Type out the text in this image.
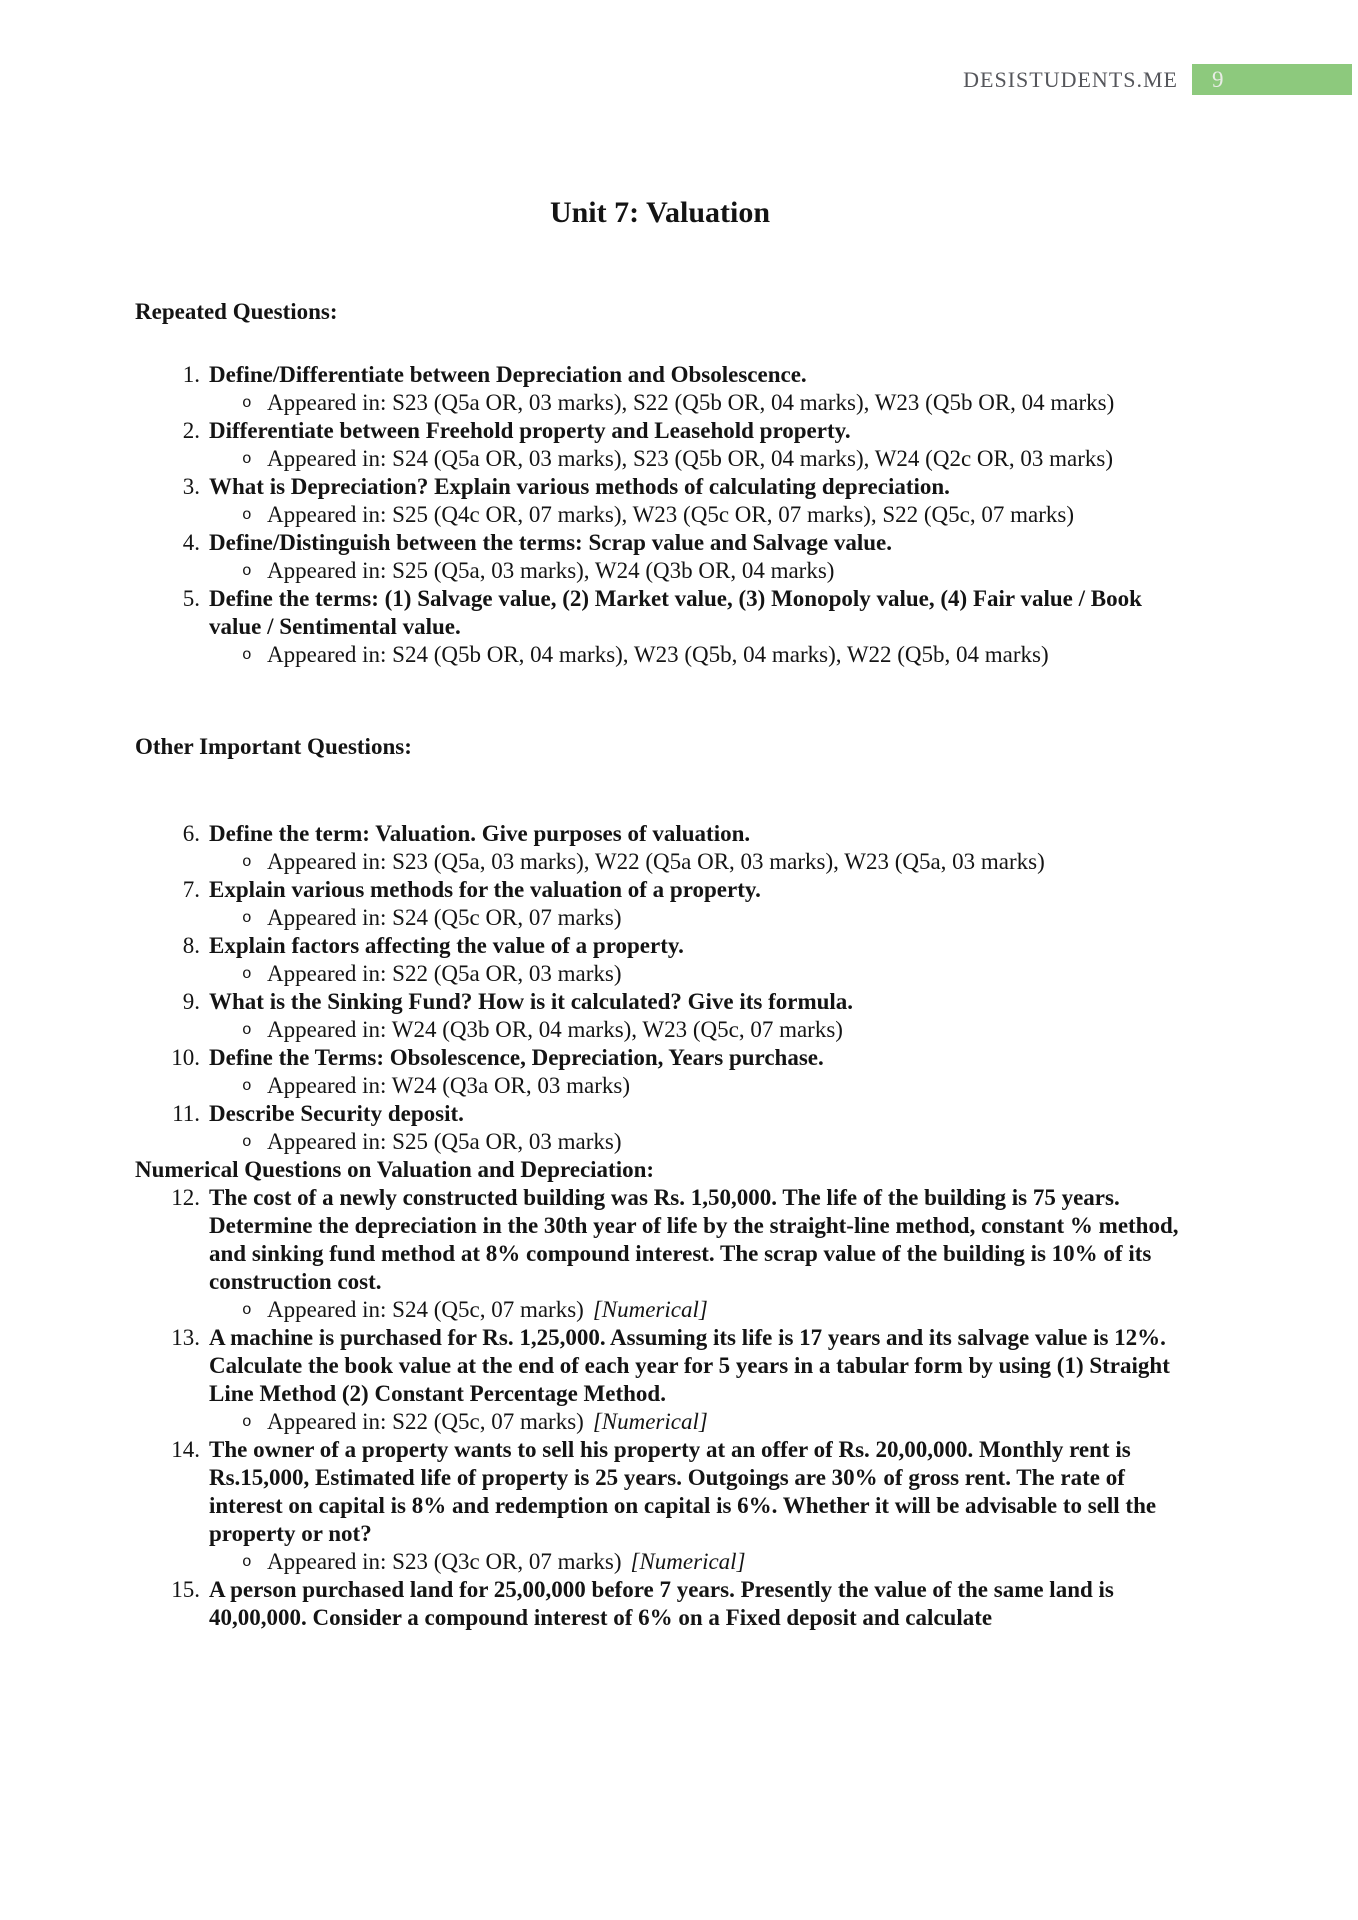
DESISTUDENTS.ME 9
Unit 7: Valuation
Repeated Questions:
1. Define/Differentiate between Depreciation and Obsolescence.
o Appeared in: S23 (Q5a OR, 03 marks), S22 (Q5b OR, 04 marks), W23 (Q5b OR, 04 marks)
2. Differentiate between Freehold property and Leasehold property.
o Appeared in: S24 (Q5a OR, 03 marks), S23 (Q5b OR, 04 marks), W24 (Q2c OR, 03 marks)
3. What is Depreciation? Explain various methods of calculating depreciation.
o Appeared in: S25 (Q4c OR, 07 marks), W23 (Q5c OR, 07 marks), S22 (Q5c, 07 marks)
4. Define/Distinguish between the terms: Scrap value and Salvage value.
o Appeared in: S25 (Q5a, 03 marks), W24 (Q3b OR, 04 marks)
5. Define the terms: (1) Salvage value, (2) Market value, (3) Monopoly value, (4) Fair value / Book value / Sentimental value.
o Appeared in: S24 (Q5b OR, 04 marks), W23 (Q5b, 04 marks), W22 (Q5b, 04 marks)
Other Important Questions:
6. Define the term: Valuation. Give purposes of valuation.
o Appeared in: S23 (Q5a, 03 marks), W22 (Q5a OR, 03 marks), W23 (Q5a, 03 marks)
7. Explain various methods for the valuation of a property.
o Appeared in: S24 (Q5c OR, 07 marks)
8. Explain factors affecting the value of a property.
o Appeared in: S22 (Q5a OR, 03 marks)
9. What is the Sinking Fund? How is it calculated? Give its formula.
o Appeared in: W24 (Q3b OR, 04 marks), W23 (Q5c, 07 marks)
10. Define the Terms: Obsolescence, Depreciation, Years purchase.
o Appeared in: W24 (Q3a OR, 03 marks)
11. Describe Security deposit.
o Appeared in: S25 (Q5a OR, 03 marks)
Numerical Questions on Valuation and Depreciation:
12. The cost of a newly constructed building was Rs. 1,50,000. The life of the building is 75 years. Determine the depreciation in the 30th year of life by the straight-line method, constant % method, and sinking fund method at 8% compound interest. The scrap value of the building is 10% of its construction cost.
o Appeared in: S24 (Q5c, 07 marks) [Numerical]
13. A machine is purchased for Rs. 1,25,000. Assuming its life is 17 years and its salvage value is 12%. Calculate the book value at the end of each year for 5 years in a tabular form by using (1) Straight Line Method (2) Constant Percentage Method.
o Appeared in: S22 (Q5c, 07 marks) [Numerical]
14. The owner of a property wants to sell his property at an offer of Rs. 20,00,000. Monthly rent is Rs.15,000, Estimated life of property is 25 years. Outgoings are 30% of gross rent. The rate of interest on capital is 8% and redemption on capital is 6%. Whether it will be advisable to sell the property or not?
o Appeared in: S23 (Q3c OR, 07 marks) [Numerical]
15. A person purchased land for 25,00,000 before 7 years. Presently the value of the same land is 40,00,000. Consider a compound interest of 6% on a Fixed deposit and calculate
